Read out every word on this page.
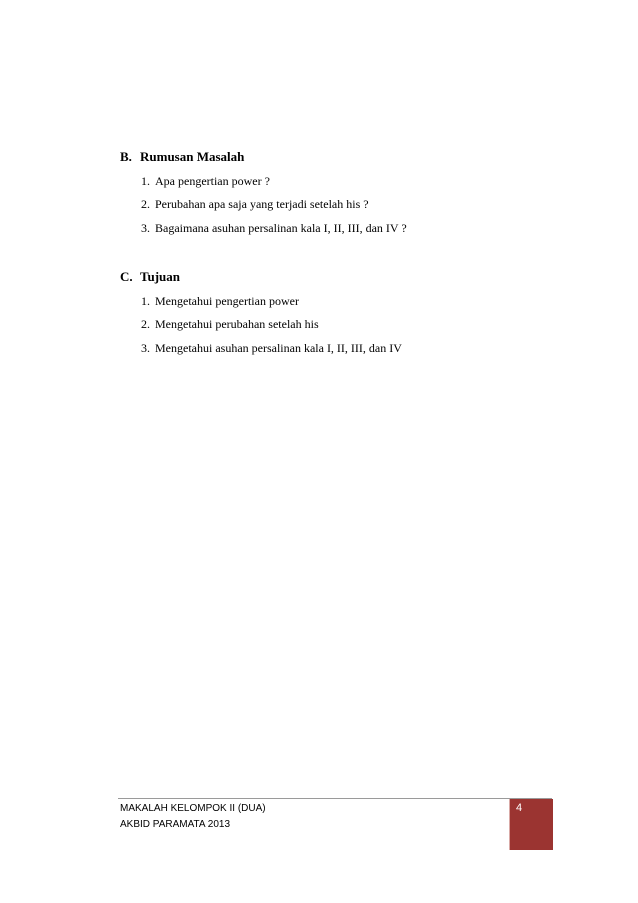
B. Rumusan Masalah
1. Apa pengertian power ?
2. Perubahan apa saja yang terjadi setelah his ?
3. Bagaimana asuhan persalinan kala I, II, III, dan IV ?
C. Tujuan
1. Mengetahui pengertian power
2. Mengetahui perubahan setelah his
3. Mengetahui asuhan persalinan kala I, II, III, dan IV
MAKALAH KELOMPOK II (DUA)
AKBID PARAMATA 2013
4
